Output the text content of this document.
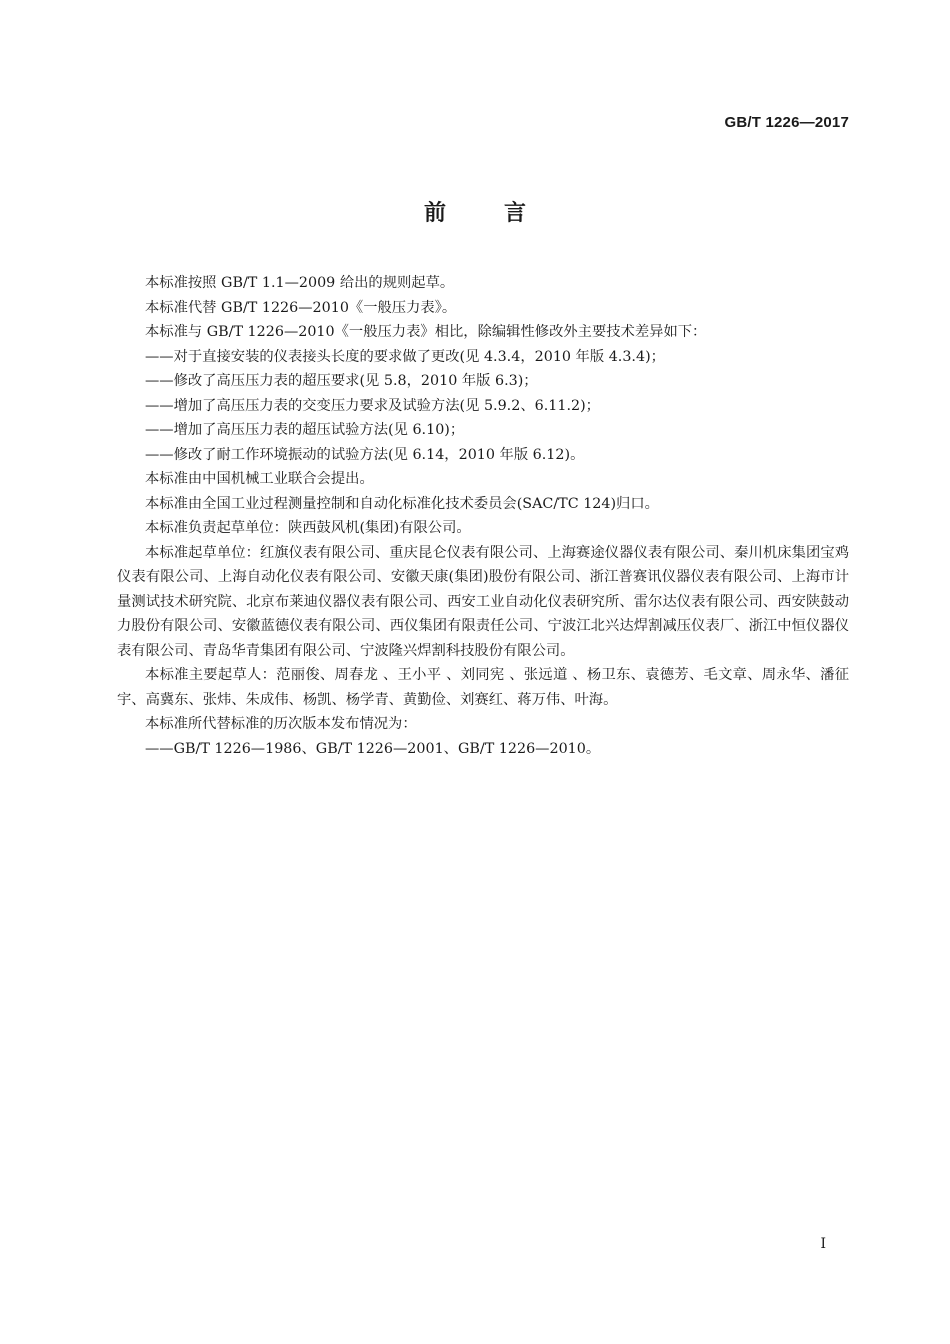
GB/T 1226—2017
前言

本标准按照 GB/T 1.1—2009 给出的规则起草。

本标准代替 GB/T 1226—2010《一般压力表》。

本标准与 GB/T 1226—2010《一般压力表》相比，除编辑性修改外主要技术差异如下：

——对于直接安装的仪表接头长度的要求做了更改(见 4.3.4，2010 年版 4.3.4)；

——修改了高压压力表的超压要求(见 5.8，2010 年版 6.3)；

——增加了高压压力表的交变压力要求及试验方法(见 5.9.2、6.11.2)；

——增加了高压压力表的超压试验方法(见 6.10)；

——修改了耐工作环境振动的试验方法(见 6.14，2010 年版 6.12)。

本标准由中国机械工业联合会提出。

本标准由全国工业过程测量控制和自动化标准化技术委员会(SAC/TC 124)归口。

本标准负责起草单位：陕西鼓风机(集团)有限公司。

本标准起草单位：红旗仪表有限公司、重庆昆仑仪表有限公司、上海赛途仪器仪表有限公司、秦川机床集团宝鸡仪表有限公司、上海自动化仪表有限公司、安徽天康(集团)股份有限公司、浙江普赛讯仪器仪表有限公司、上海市计量测试技术研究院、北京布莱迪仪器仪表有限公司、西安工业自动化仪表研究所、雷尔达仪表有限公司、西安陕鼓动力股份有限公司、安徽蓝德仪表有限公司、西仪集团有限责任公司、宁波江北兴达焊割减压仪表厂、浙江中恒仪器仪表有限公司、青岛华青集团有限公司、宁波隆兴焊割科技股份有限公司。

本标准主要起草人：范丽俊、周春龙 、王小平 、刘同宪 、张远道 、杨卫东、袁德芳、毛文章、周永华、潘征宇、高冀东、张炜、朱成伟、杨凯、杨学青、黄勤俭、刘赛红、蒋万伟、叶海。

本标准所代替标准的历次版本发布情况为：

——GB/T 1226—1986、GB/T 1226—2001、GB/T 1226—2010。

Ⅰ
